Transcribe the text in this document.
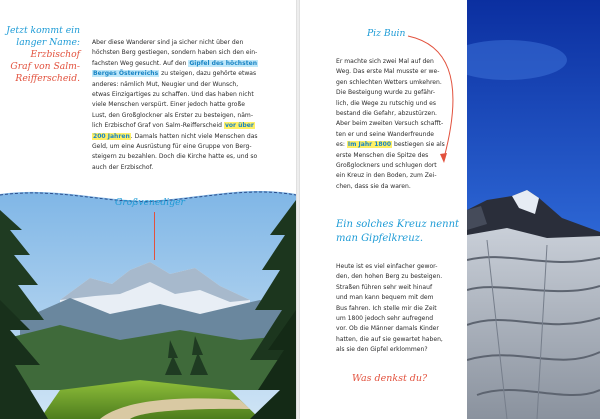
Jetzt kommt ein
langer Name:
Erzbischof
Graf von Salm-
Reifferscheid.
Aber diese Wanderer sind ja sicher nicht über den
höchsten Berg gestiegen, sondern haben sich den ein-
fachsten Weg gesucht. Auf den Gipfel des höchsten
Berges Österreichs zu steigen, dazu gehörte etwas
anderes: nämlich Mut, Neugier und der Wunsch,
etwas Einzigartiges zu schaffen. Und das haben nicht
viele Menschen verspürt. Einer jedoch hatte große
Lust, den Großglockner als Erster zu besteigen, näm-
lich Erzbischof Graf von Salm-Reifferscheid vor über
200 Jahren. Damals hatten nicht viele Menschen das
Geld, um eine Ausrüstung für eine Gruppe von Berg-
steigern zu bezahlen. Doch die Kirche hatte es, und so
auch der Erzbischof.
Großvenediger
Piz Buin
Er machte sich zwei Mal auf den
Weg. Das erste Mal musste er we-
gen schlechten Wetters umkehren.
Die Besteigung wurde zu gefähr-
lich, die Wege zu rutschig und es
bestand die Gefahr, abzustürzen.
Aber beim zweiten Versuch schafft-
ten er und seine Wanderfreunde
es: Im Jahr 1800 bestiegen sie als
erste Menschen die Spitze des
Großglockners und schlugen dort
ein Kreuz in den Boden, zum Zei-
chen, dass sie da waren.
Ein solches Kreuz nennt
man Gipfelkreuz.
Heute ist es viel einfacher gewor-
den, den hohen Berg zu besteigen.
Straßen führen sehr weit hinauf
und man kann bequem mit dem
Bus fahren. Ich stelle mir die Zeit
um 1800 jedoch sehr aufregend
vor. Ob die Männer damals Kinder
hatten, die auf sie gewartet haben,
als sie den Gipfel erklommen?
Was denkst du?
